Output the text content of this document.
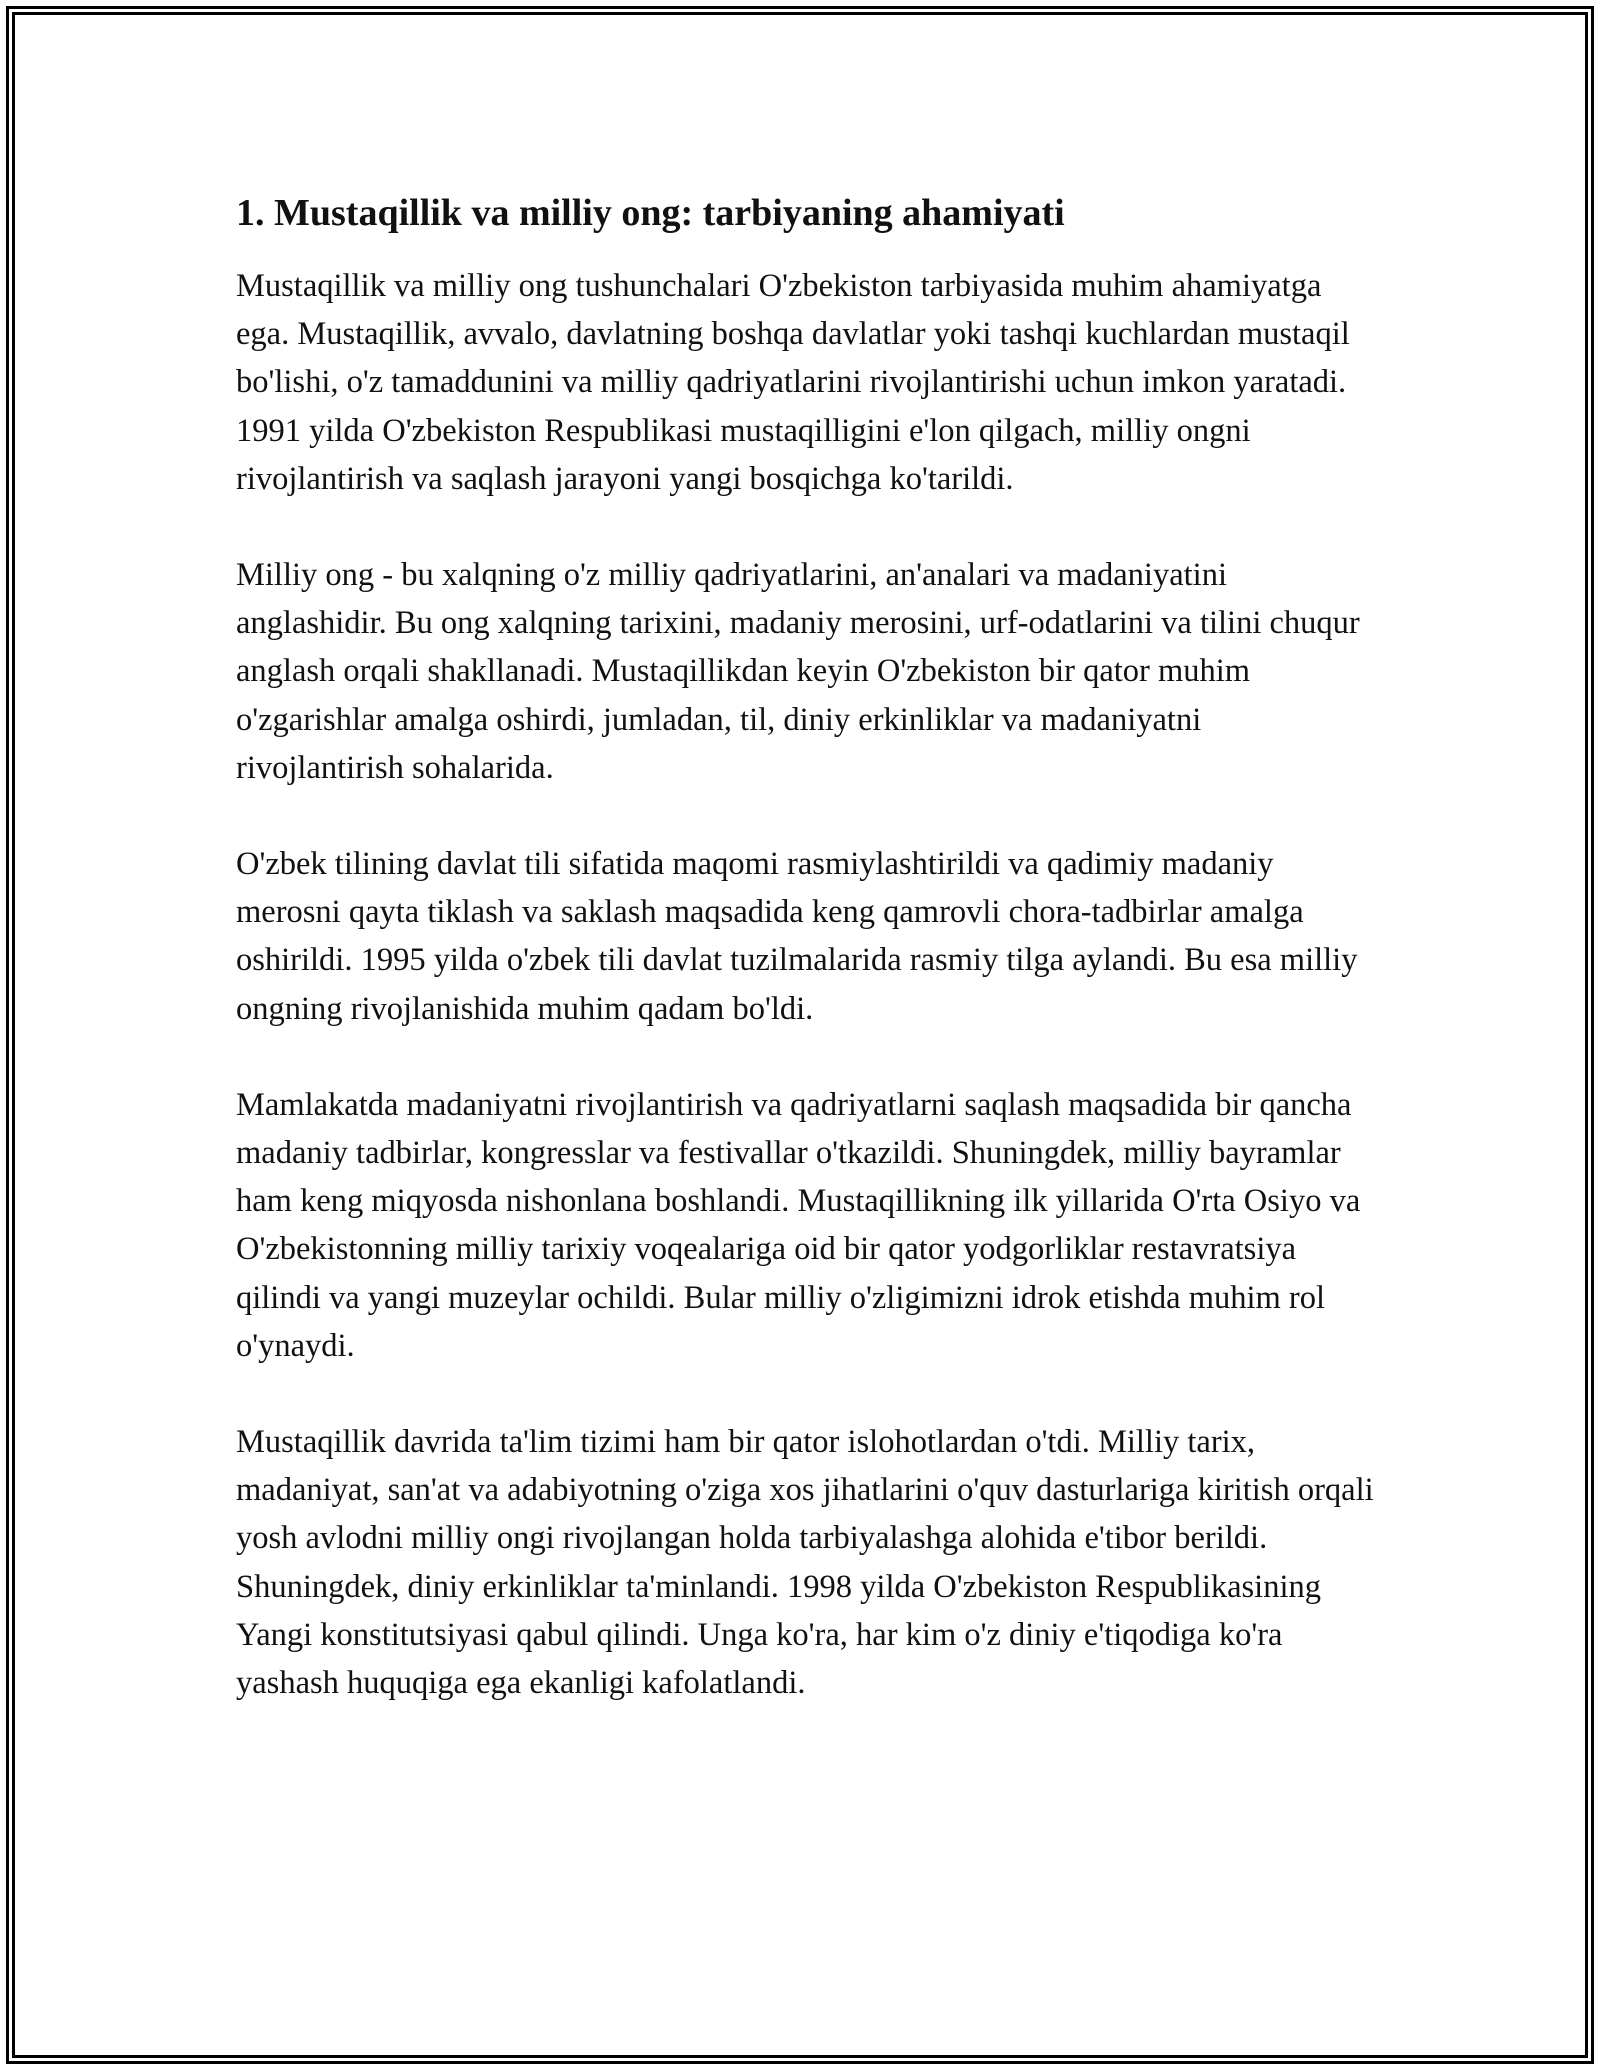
1. Mustaqillik va milliy ong: tarbiyaning ahamiyati

Mustaqillik va milliy ong tushunchalari O'zbekiston tarbiyasida muhim ahamiyatga ega. Mustaqillik, avvalo, davlatning boshqa davlatlar yoki tashqi kuchlardan mustaqil bo'lishi, o'z tamaddunini va milliy qadriyatlarini rivojlantirishi uchun imkon yaratadi. 1991 yilda O'zbekiston Respublikasi mustaqilligini e'lon qilgach, milliy ongni rivojlantirish va saqlash jarayoni yangi bosqichga ko'tarildi.

Milliy ong - bu xalqning o'z milliy qadriyatlarini, an'analari va madaniyatini anglashidir. Bu ong xalqning tarixini, madaniy merosini, urf-odatlarini va tilini chuqur anglash orqali shakllanadi. Mustaqillikdan keyin O'zbekiston bir qator muhim o'zgarishlar amalga oshirdi, jumladan, til, diniy erkinliklar va madaniyatni rivojlantirish sohalarida.

O'zbek tilining davlat tili sifatida maqomi rasmiylashtirildi va qadimiy madaniy merosni qayta tiklash va saklash maqsadida keng qamrovli chora-tadbirlar amalga oshirildi. 1995 yilda o'zbek tili davlat tuzilmalarida rasmiy tilga aylandi. Bu esa milliy ongning rivojlanishida muhim qadam bo'ldi.

Mamlakatda madaniyatni rivojlantirish va qadriyatlarni saqlash maqsadida bir qancha madaniy tadbirlar, kongresslar va festivallar o'tkazildi. Shuningdek, milliy bayramlar ham keng miqyosda nishonlana boshlandi. Mustaqillikning ilk yillarida O'rta Osiyo va O'zbekistonning milliy tarixiy voqealariga oid bir qator yodgorliklar restavratsiya qilindi va yangi muzeylar ochildi. Bular milliy o'zligimizni idrok etishda muhim rol o'ynaydi.

Mustaqillik davrida ta'lim tizimi ham bir qator islohotlardan o'tdi. Milliy tarix, madaniyat, san'at va adabiyotning o'ziga xos jihatlarini o'quv dasturlariga kiritish orqali yosh avlodni milliy ongi rivojlangan holda tarbiyalashga alohida e'tibor berildi. Shuningdek, diniy erkinliklar ta'minlandi. 1998 yilda O'zbekiston Respublikasining Yangi konstitutsiyasi qabul qilindi. Unga ko'ra, har kim o'z diniy e'tiqodiga ko'ra yashash huquqiga ega ekanligi kafolatlandi.
